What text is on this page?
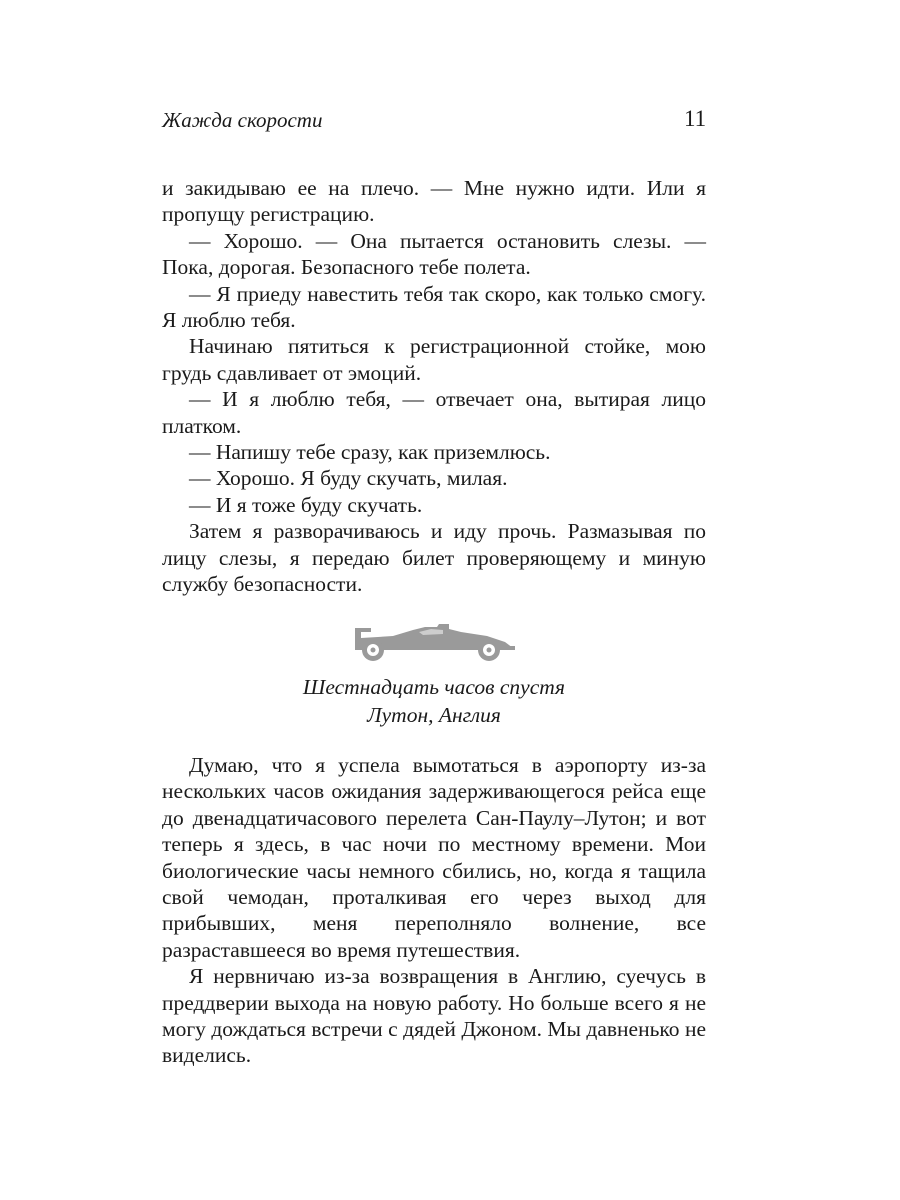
Жажда скорости	11

и закидываю ее на плечо. — Мне нужно идти. Или я пропущу регистрацию.

— Хорошо. — Она пытается остановить слезы. — Пока, дорогая. Безопасного тебе полета.

— Я приеду навестить тебя так скоро, как только смогу. Я люблю тебя.

Начинаю пятиться к регистрационной стойке, мою грудь сдавливает от эмоций.

— И я люблю тебя, — отвечает она, вытирая лицо платком.

— Напишу тебе сразу, как приземлюсь.

— Хорошо. Я буду скучать, милая.

— И я тоже буду скучать.

Затем я разворачиваюсь и иду прочь. Размазывая по лицу слезы, я передаю билет проверяющему и миную службу безопасности.

Шестнадцать часов спустя
Лутон, Англия

Думаю, что я успела вымотаться в аэропорту из-за нескольких часов ожидания задерживающегося рейса еще до двенадцатичасового перелета Сан-Паулу–Лутон; и вот теперь я здесь, в час ночи по местному времени. Мои биологические часы немного сбились, но, когда я тащила свой чемодан, проталкивая его через выход для прибывших, меня переполняло волнение, все разраставшееся во время путешествия.

Я нервничаю из-за возвращения в Англию, суечусь в преддверии выхода на новую работу. Но больше всего я не могу дождаться встречи с дядей Джоном. Мы давненько не виделись.
